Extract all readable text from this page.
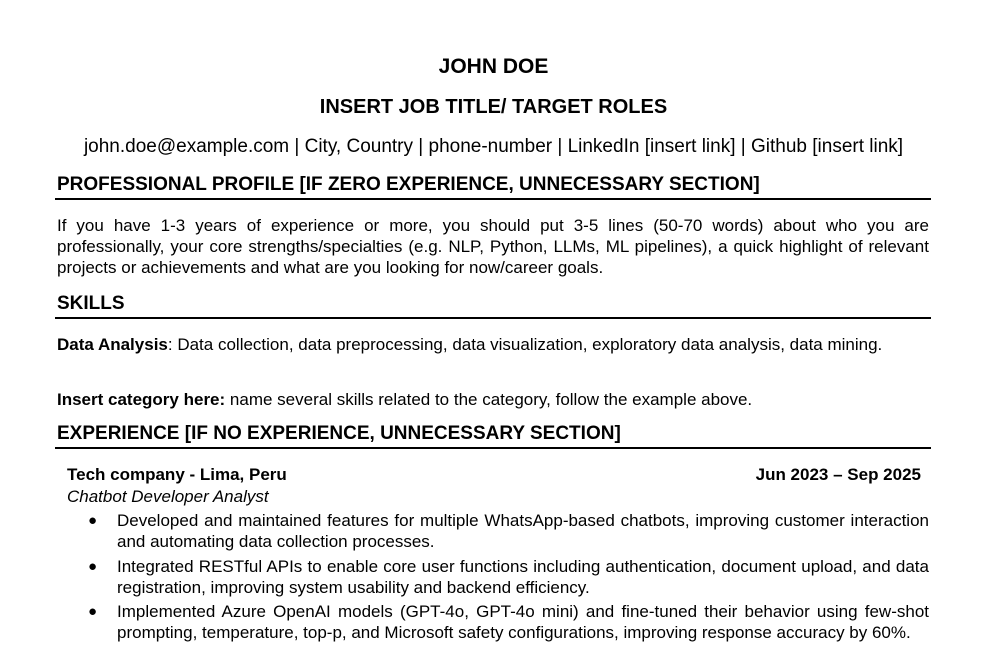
JOHN DOE
INSERT JOB TITLE/ TARGET ROLES
john.doe@example.com | City, Country | phone-number | LinkedIn [insert link] | Github [insert link]
PROFESSIONAL PROFILE [IF ZERO EXPERIENCE, UNNECESSARY SECTION]
If you have 1-3 years of experience or more, you should put 3-5 lines (50-70 words) about who you are professionally, your core strengths/specialties (e.g. NLP, Python, LLMs, ML pipelines), a quick highlight of relevant projects or achievements and what are you looking for now/career goals.
SKILLS
Data Analysis: Data collection, data preprocessing, data visualization, exploratory data analysis, data mining.
Insert category here: name several skills related to the category, follow the example above.
EXPERIENCE [IF NO EXPERIENCE, UNNECESSARY SECTION]
Tech company - Lima, Peru	Jun 2023 – Sep 2025
Chatbot Developer Analyst
● Developed and maintained features for multiple WhatsApp-based chatbots, improving customer interaction and automating data collection processes.
● Integrated RESTful APIs to enable core user functions including authentication, document upload, and data registration, improving system usability and backend efficiency.
● Implemented Azure OpenAI models (GPT-4o, GPT-4o mini) and fine-tuned their behavior using few-shot prompting, temperature, top-p, and Microsoft safety configurations, improving response accuracy by 60%.
